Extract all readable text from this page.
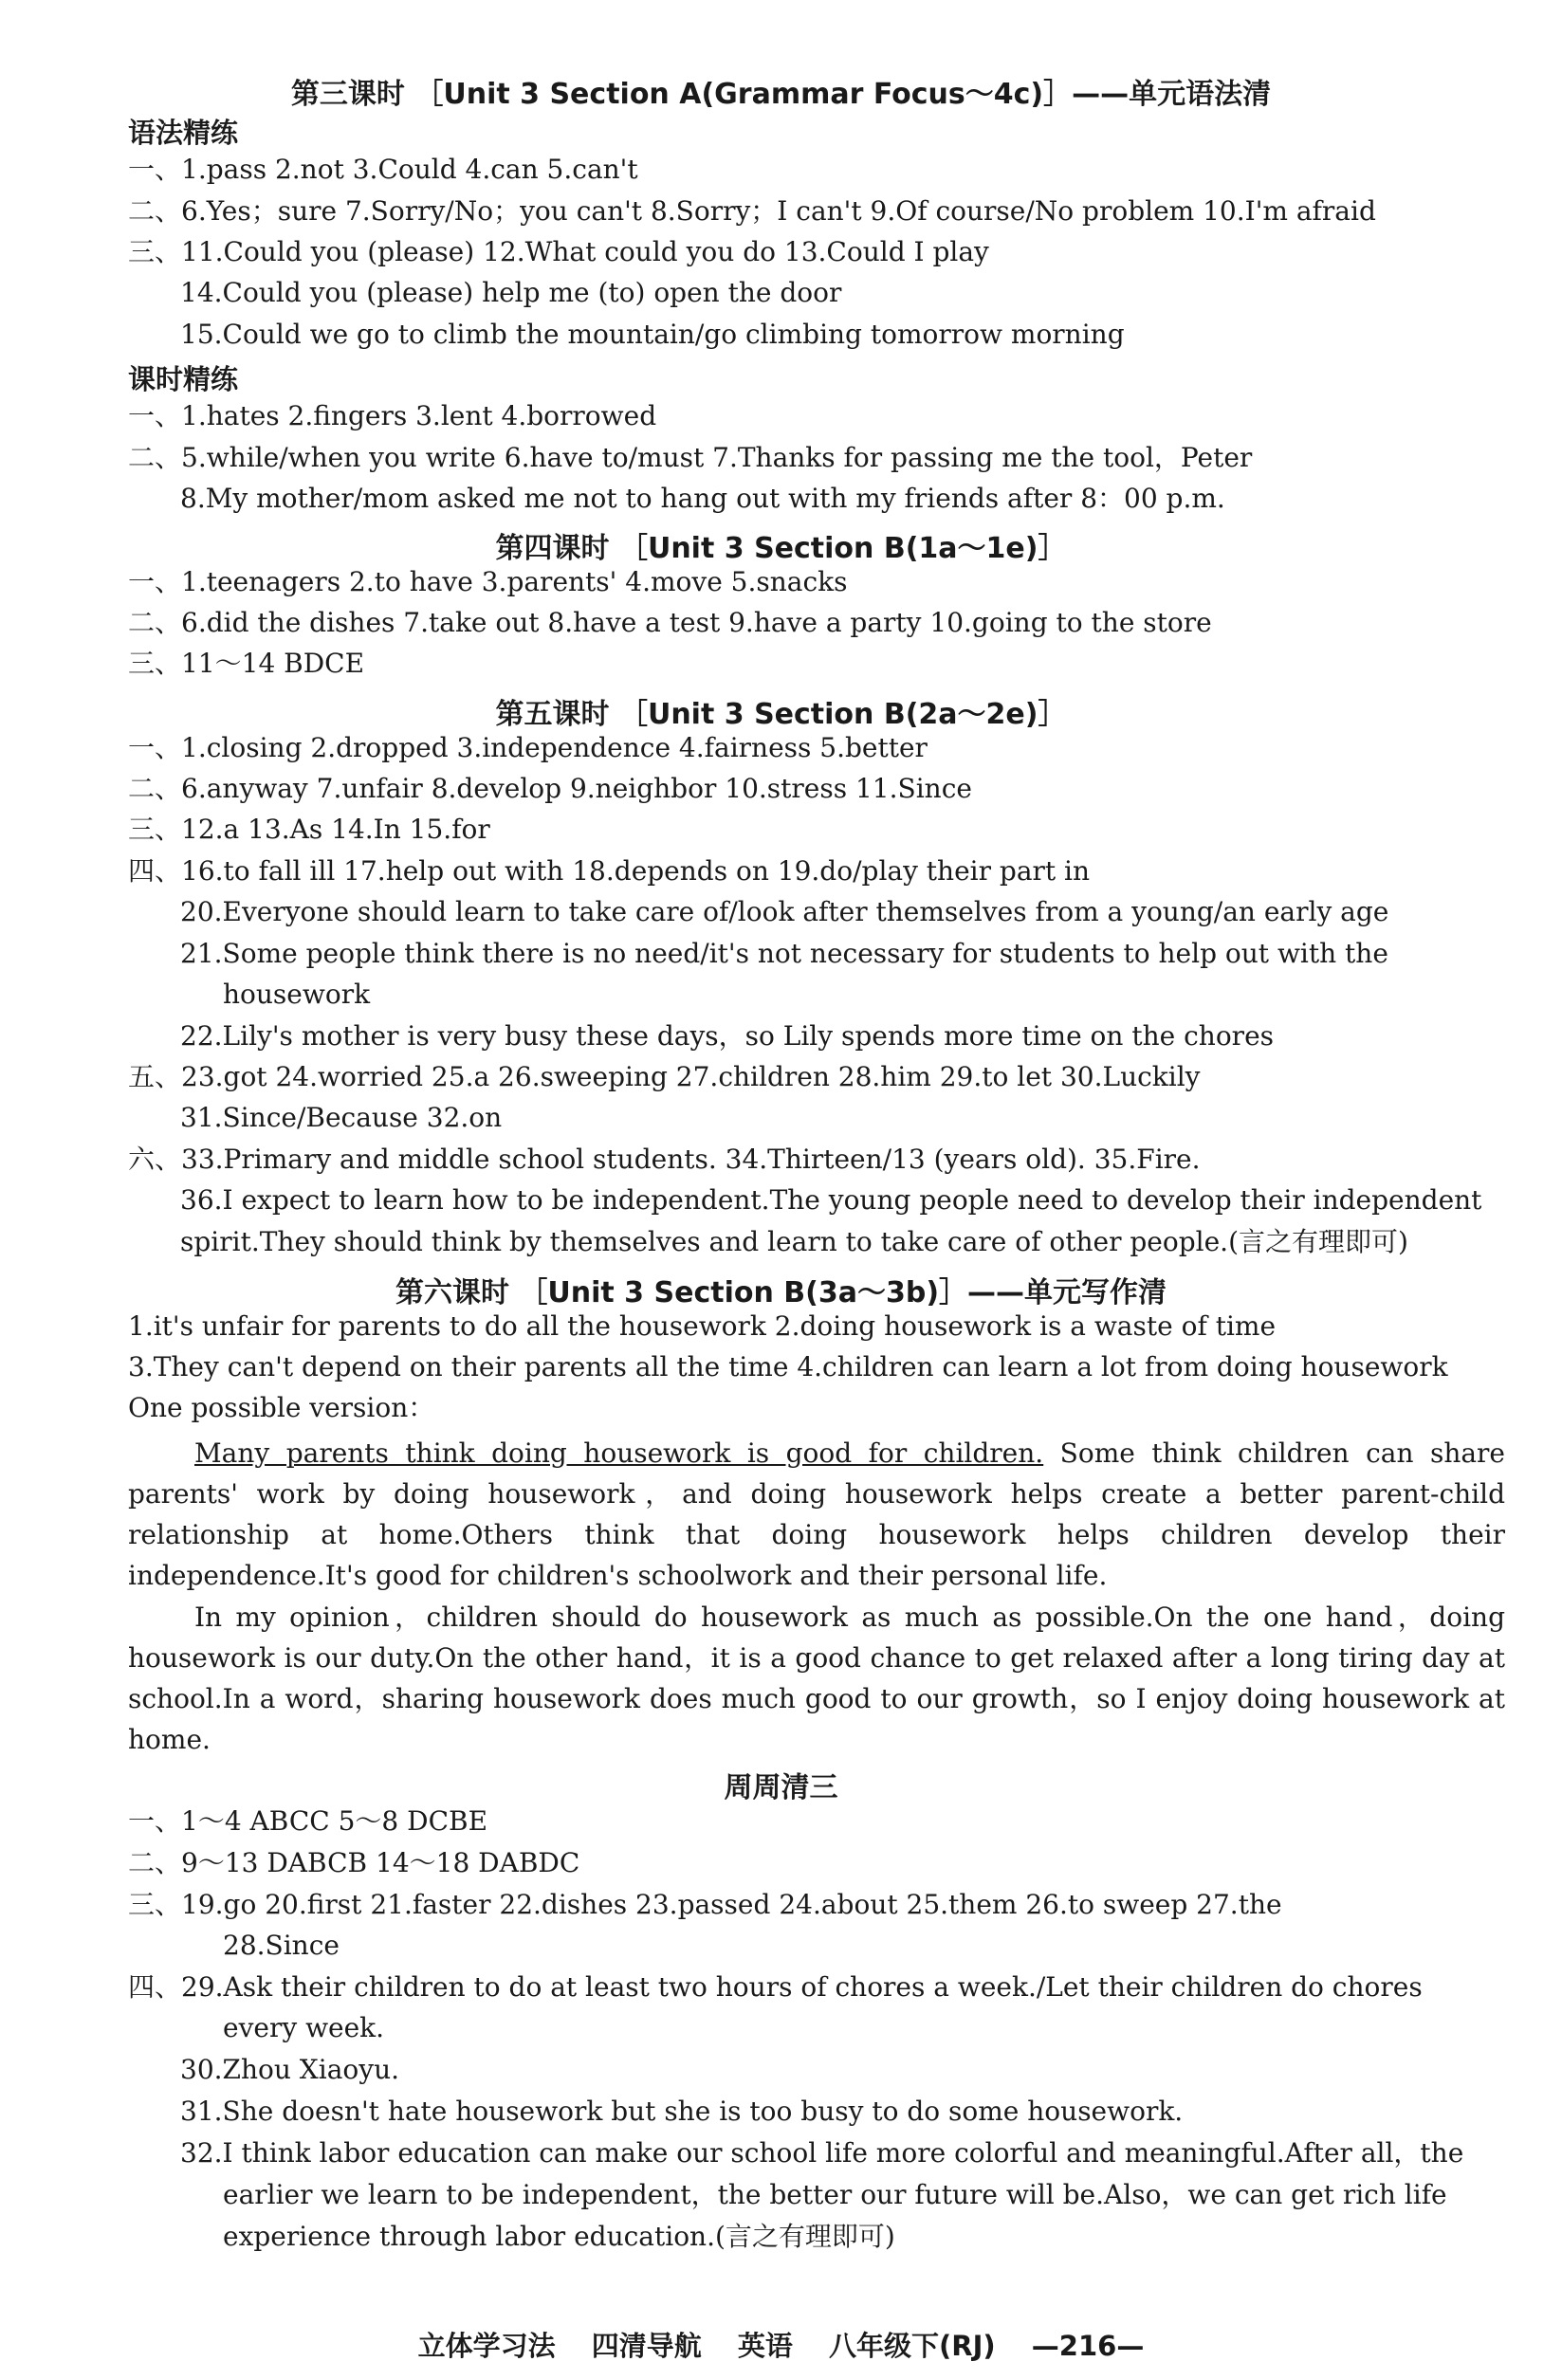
第三课时 ［Unit 3 Section A(Grammar Focus～4c)］——单元语法清
语法精练
一、1.pass 2.not 3.Could 4.can 5.can't
二、6.Yes；sure 7.Sorry/No；you can't 8.Sorry；I can't 9.Of course/No problem 10.I'm afraid
三、11.Could you (please) 12.What could you do 13.Could I play
14.Could you (please) help me (to) open the door
15.Could we go to climb the mountain/go climbing tomorrow morning
课时精练
一、1.hates 2.fingers 3.lent 4.borrowed
二、5.while/when you write 6.have to/must 7.Thanks for passing me the tool，Peter
8.My mother/mom asked me not to hang out with my friends after 8：00 p.m.
第四课时 ［Unit 3 Section B(1a～1e)］
一、1.teenagers 2.to have 3.parents' 4.move 5.snacks
二、6.did the dishes 7.take out 8.have a test 9.have a party 10.going to the store
三、11～14 BDCE
第五课时 ［Unit 3 Section B(2a～2e)］
一、1.closing 2.dropped 3.independence 4.fairness 5.better
二、6.anyway 7.unfair 8.develop 9.neighbor 10.stress 11.Since
三、12.a 13.As 14.In 15.for
四、16.to fall ill 17.help out with 18.depends on 19.do/play their part in
20.Everyone should learn to take care of/look after themselves from a young/an early age
21.Some people think there is no need/it's not necessary for students to help out with the
housework
22.Lily's mother is very busy these days，so Lily spends more time on the chores
五、23.got 24.worried 25.a 26.sweeping 27.children 28.him 29.to let 30.Luckily
31.Since/Because 32.on
六、33.Primary and middle school students. 34.Thirteen/13 (years old). 35.Fire.
36.I expect to learn how to be independent.The young people need to develop their independent
spirit.They should think by themselves and learn to take care of other people.(言之有理即可)
第六课时 ［Unit 3 Section B(3a～3b)］——单元写作清
1.it's unfair for parents to do all the housework 2.doing housework is a waste of time
3.They can't depend on their parents all the time 4.children can learn a lot from doing housework
One possible version：
Many parents think doing housework is good for children. Some think children can share parents' work by doing housework，and doing housework helps create a better parent-child relationship at home.Others think that doing housework helps children develop their independence.It's good for children's schoolwork and their personal life.
In my opinion，children should do housework as much as possible.On the one hand，doing housework is our duty.On the other hand，it is a good chance to get relaxed after a long tiring day at school.In a word，sharing housework does much good to our growth，so I enjoy doing housework at home.
周周清三
一、1～4 ABCC 5～8 DCBE
二、9～13 DABCB 14～18 DABDC
三、19.go 20.first 21.faster 22.dishes 23.passed 24.about 25.them 26.to sweep 27.the
28.Since
四、29.Ask their children to do at least two hours of chores a week./Let their children do chores
every week.
30.Zhou Xiaoyu.
31.She doesn't hate housework but she is too busy to do some housework.
32.I think labor education can make our school life more colorful and meaningful.After all，the
earlier we learn to be independent，the better our future will be.Also，we can get rich life
experience through labor education.(言之有理即可)
立体学习法 四清导航 英语 八年级下(RJ) —216—
